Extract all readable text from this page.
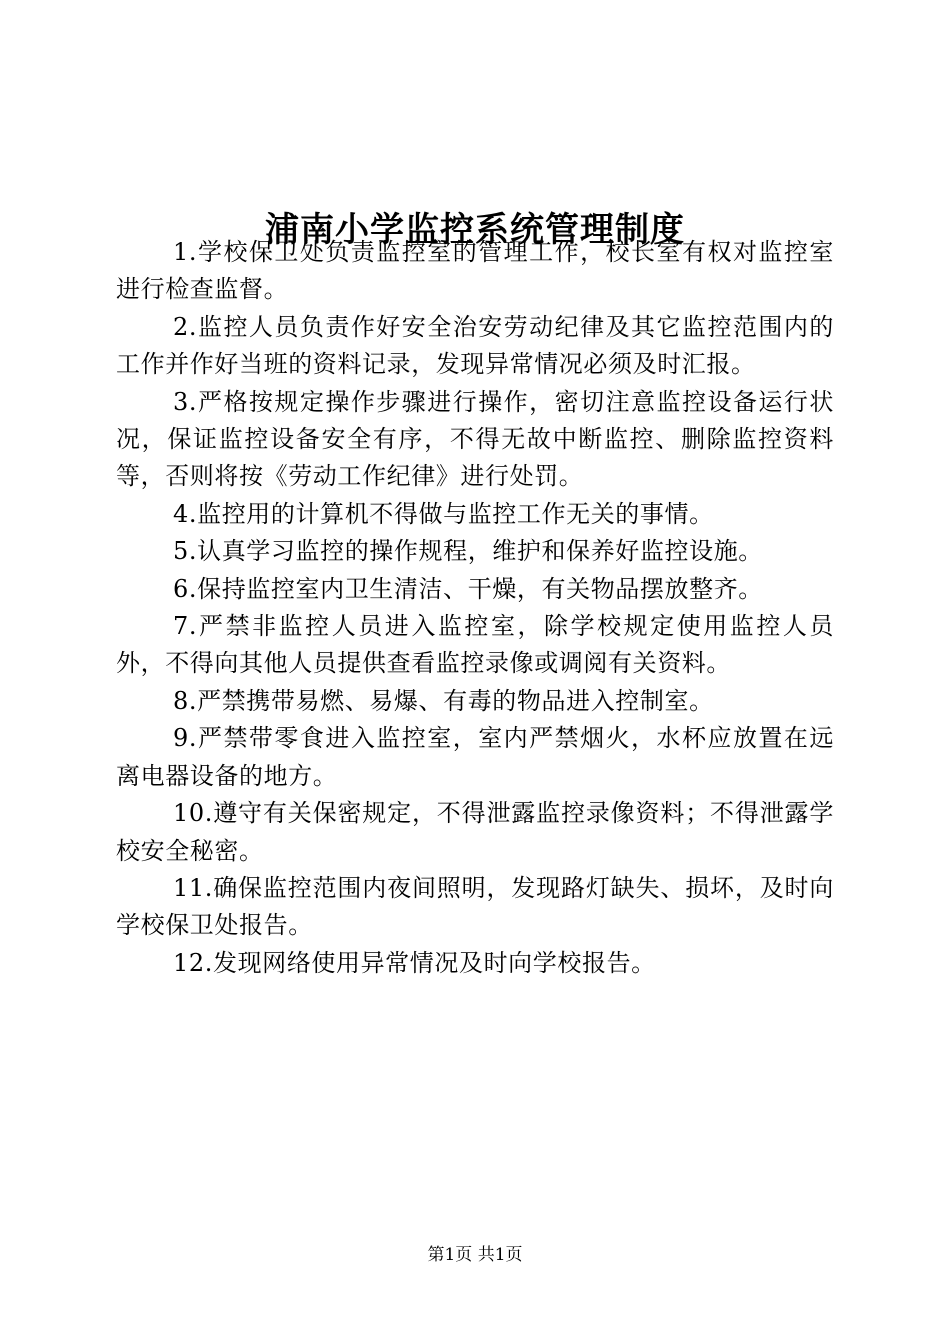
浦南小学监控系统管理制度

1.学校保卫处负责监控室的管理工作，校长室有权对监控室进行检查监督。

2.监控人员负责作好安全治安劳动纪律及其它监控范围内的工作并作好当班的资料记录，发现异常情况必须及时汇报。

3.严格按规定操作步骤进行操作，密切注意监控设备运行状况，保证监控设备安全有序，不得无故中断监控、删除监控资料等，否则将按《劳动工作纪律》进行处罚。

4.监控用的计算机不得做与监控工作无关的事情。

5.认真学习监控的操作规程，维护和保养好监控设施。

6.保持监控室内卫生清洁、干燥，有关物品摆放整齐。

7.严禁非监控人员进入监控室，除学校规定使用监控人员外，不得向其他人员提供查看监控录像或调阅有关资料。

8.严禁携带易燃、易爆、有毒的物品进入控制室。

9.严禁带零食进入监控室，室内严禁烟火，水杯应放置在远离电器设备的地方。

10.遵守有关保密规定，不得泄露监控录像资料；不得泄露学校安全秘密。

11.确保监控范围内夜间照明，发现路灯缺失、损坏，及时向学校保卫处报告。

12.发现网络使用异常情况及时向学校报告。

第1页 共1页
